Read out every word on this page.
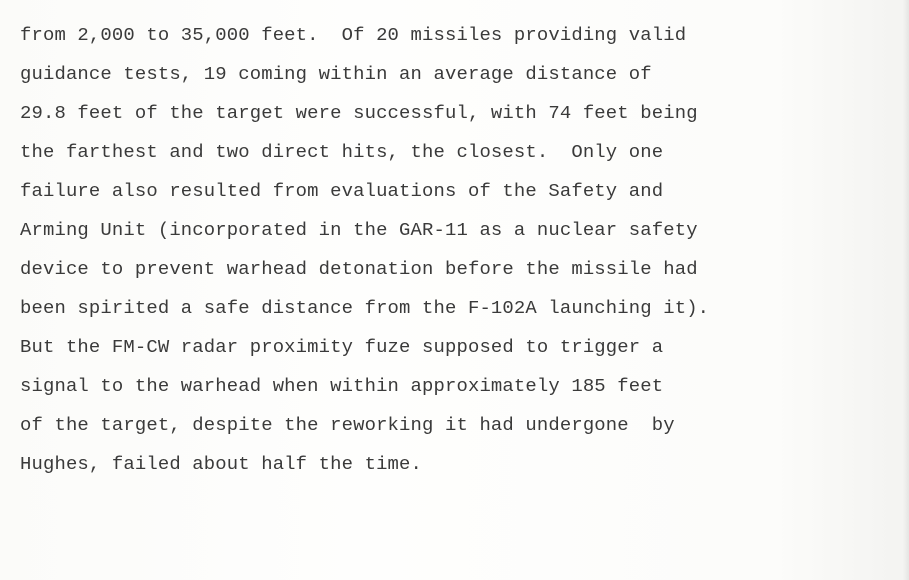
from 2,000 to 35,000 feet.  Of 20 missiles providing valid
guidance tests, 19 coming within an average distance of
29.8 feet of the target were successful, with 74 feet being
the farthest and two direct hits, the closest.  Only one
failure also resulted from evaluations of the Safety and
Arming Unit (incorporated in the GAR-11 as a nuclear safety
device to prevent warhead detonation before the missile had
been spirited a safe distance from the F-102A launching it).
But the FM-CW radar proximity fuze supposed to trigger a
signal to the warhead when within approximately 185 feet
of the target, despite the reworking it had undergone  by
Hughes, failed about half the time.
